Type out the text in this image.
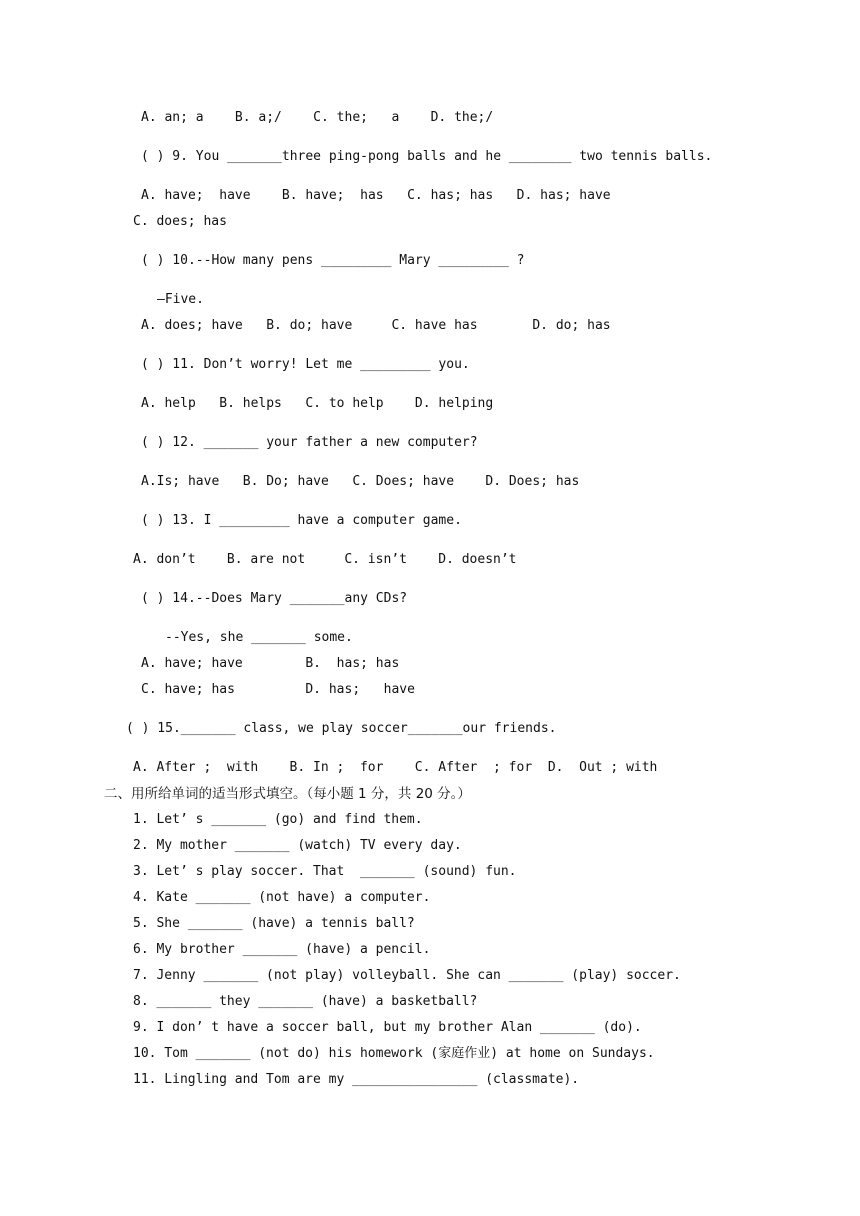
A. an; a    B. a;/    C. the;   a    D. the;/
( ) 9. You _______three ping-pong balls and he ________ two tennis balls.
A. have;  have    B. have;  has   C. has; has   D. has; have
C. does; has
( ) 10.--How many pens _________ Mary _________ ?
—Five.
A. does; have   B. do; have     C. have has       D. do; has
( ) 11. Don’t worry! Let me _________ you.
A. help   B. helps   C. to help    D. helping
( ) 12. _______ your father a new computer?
A.Is; have   B. Do; have   C. Does; have    D. Does; has
( ) 13. I _________ have a computer game.
A. don’t    B. are not     C. isn’t    D. doesn’t
( ) 14.--Does Mary _______any CDs?
--Yes, she _______ some.
A. have; have        B.  has; has
C. have; has         D. has;   have
( ) 15._______ class, we play soccer_______our friends.
A. After ;  with    B. In ;  for    C. After  ; for  D.  Out ; with
二、用所给单词的适当形式填空。（每小题 1 分，共 20 分。）
1. Let’ s _______ (go) and find them.
2. My mother _______ (watch) TV every day.
3. Let’ s play soccer. That  _______ (sound) fun.
4. Kate _______ (not have) a computer.
5. She _______ (have) a tennis ball?
6. My brother _______ (have) a pencil.
7. Jenny _______ (not play) volleyball. She can _______ (play) soccer.
8. _______ they _______ (have) a basketball?
9. I don’ t have a soccer ball, but my brother Alan _______ (do).
10. Tom _______ (not do) his homework (家庭作业) at home on Sundays.
11. Lingling and Tom are my ________________ (classmate).
